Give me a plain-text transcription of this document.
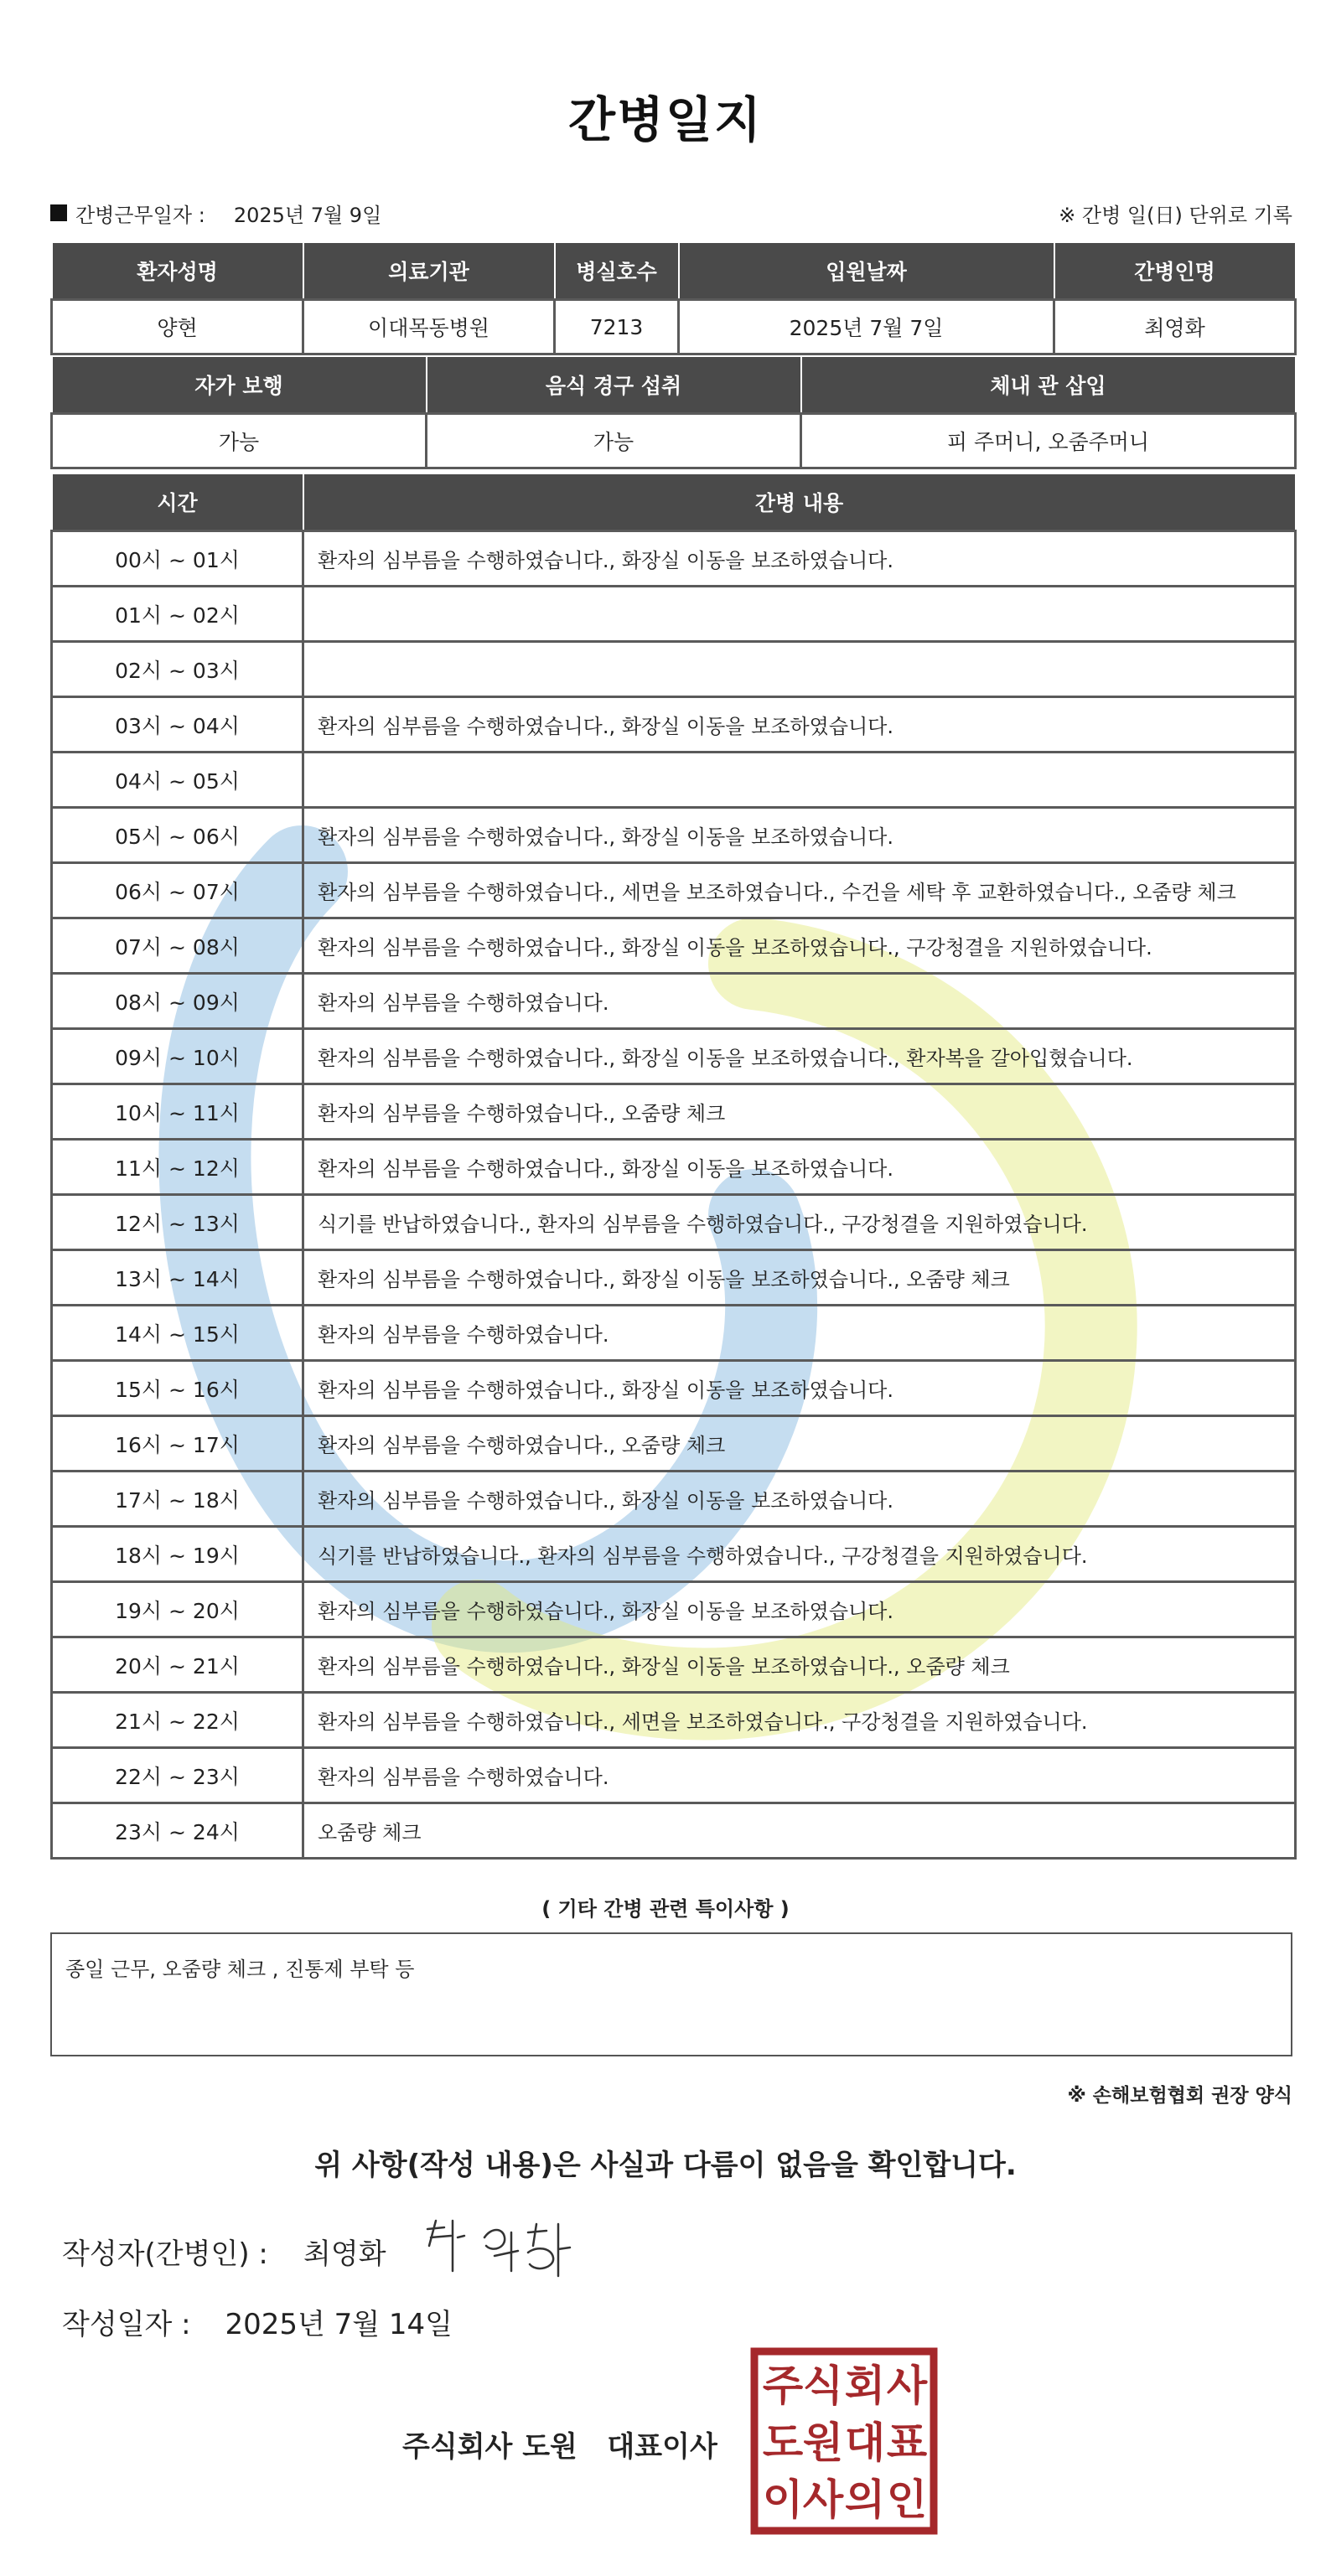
간병일지
간병근무일자 : 2025년 7월 9일	※ 간병 일(日) 단위로 기록
환자성명	의료기관	병실호수	입원날짜	간병인명
양현	이대목동병원	7213	2025년 7월 7일	최영화
자가 보행	음식 경구 섭취	체내 관 삽입
가능	가능	피 주머니, 오줌주머니
시간	간병 내용
00시 ~ 01시	환자의 심부름을 수행하였습니다., 화장실 이동을 보조하였습니다.
01시 ~ 02시	
02시 ~ 03시	
03시 ~ 04시	환자의 심부름을 수행하였습니다., 화장실 이동을 보조하였습니다.
04시 ~ 05시	
05시 ~ 06시	환자의 심부름을 수행하였습니다., 화장실 이동을 보조하였습니다.
06시 ~ 07시	환자의 심부름을 수행하였습니다., 세면을 보조하였습니다., 수건을 세탁 후 교환하였습니다., 오줌량 체크
07시 ~ 08시	환자의 심부름을 수행하였습니다., 화장실 이동을 보조하였습니다., 구강청결을 지원하였습니다.
08시 ~ 09시	환자의 심부름을 수행하였습니다.
09시 ~ 10시	환자의 심부름을 수행하였습니다., 화장실 이동을 보조하였습니다., 환자복을 갈아입혔습니다.
10시 ~ 11시	환자의 심부름을 수행하였습니다., 오줌량 체크
11시 ~ 12시	환자의 심부름을 수행하였습니다., 화장실 이동을 보조하였습니다.
12시 ~ 13시	식기를 반납하였습니다., 환자의 심부름을 수행하였습니다., 구강청결을 지원하였습니다.
13시 ~ 14시	환자의 심부름을 수행하였습니다., 화장실 이동을 보조하였습니다., 오줌량 체크
14시 ~ 15시	환자의 심부름을 수행하였습니다.
15시 ~ 16시	환자의 심부름을 수행하였습니다., 화장실 이동을 보조하였습니다.
16시 ~ 17시	환자의 심부름을 수행하였습니다., 오줌량 체크
17시 ~ 18시	환자의 심부름을 수행하였습니다., 화장실 이동을 보조하였습니다.
18시 ~ 19시	식기를 반납하였습니다., 환자의 심부름을 수행하였습니다., 구강청결을 지원하였습니다.
19시 ~ 20시	환자의 심부름을 수행하였습니다., 화장실 이동을 보조하였습니다.
20시 ~ 21시	환자의 심부름을 수행하였습니다., 화장실 이동을 보조하였습니다., 오줌량 체크
21시 ~ 22시	환자의 심부름을 수행하였습니다., 세면을 보조하였습니다., 구강청결을 지원하였습니다.
22시 ~ 23시	환자의 심부름을 수행하였습니다.
23시 ~ 24시	오줌량 체크
( 기타 간병 관련 특이사항 )
종일 근무, 오줌량 체크 , 진통제 부탁 등
※ 손해보험협회 권장 양식
위 사항(작성 내용)은 사실과 다름이 없음을 확인합니다.
작성자(간병인) :	최영화
작성일자 : 2025년 7월 14일
주식회사 도원   대표이사
주 식 회 사
도 원 대 표
이 사 의 인
